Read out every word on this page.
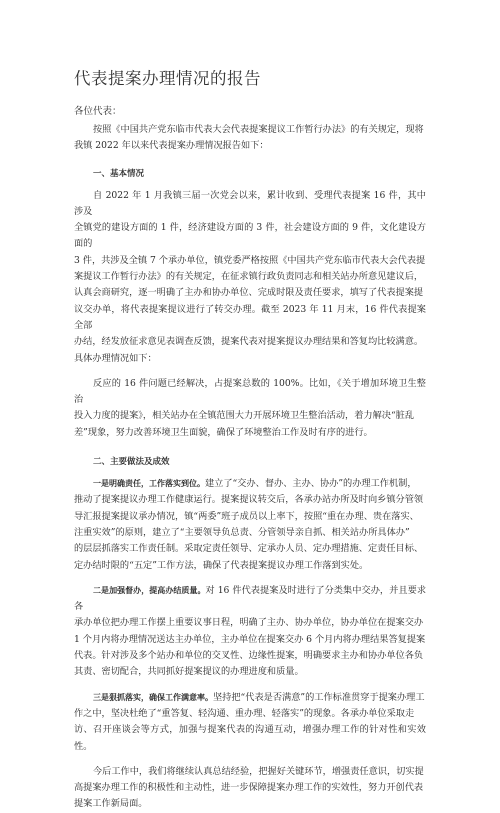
代表提案办理情况的报告
各位代表：

按照《中国共产党东临市代表大会代表提案提议工作暂行办法》的有关规定，现将
我镇 2022 年以来代表提案办理情况报告如下：

一、基本情况

自 2022 年 1 月我镇三届一次党会以来，累计收到、受理代表提案 16 件，其中涉及
全镇党的建设方面的 1 件，经济建设方面的 3 件，社会建设方面的 9 件，文化建设方面的
3 件，共涉及全镇 7 个承办单位，镇党委严格按照《中国共产党东临市代表大会代表提
案提议工作暂行办法》的有关规定，在征求镇行政负责同志和相关站办所意见建议后，
认真会商研究，逐一明确了主办和协办单位、完成时限及责任要求，填写了代表提案提
议交办单，将代表提案提议进行了转交办理。截至 2023 年 11 月末，16 件代表提案全部
办结，经发放征求意见表调查反馈，提案代表对提案提议办理结果和答复均比较满意。
具体办理情况如下：

反应的 16 件问题已经解决，占提案总数的 100%。比如，《关于增加环境卫生整治
投入力度的提案》，相关站办在全镇范围大力开展环境卫生整治活动，着力解决“脏乱
差”现象，努力改善环境卫生面貌，确保了环境整治工作及时有序的进行。

二、主要做法及成效

一是明确责任，工作落实到位。建立了“交办、督办、主办、协办”的办理工作机制，
推动了提案提议办理工作健康运行。提案提议转交后，各承办站办所及时向乡镇分管领
导汇报提案提议承办情况，镇“两委”班子成员以上率下，按照“重在办理、贵在落实、
注重实效”的原则，建立了“主要领导负总责、分管领导亲自抓、相关站办所具体办”
的层层抓落实工作责任制。采取定责任领导、定承办人员、定办理措施、定责任目标、
定办结时限的“五定”工作方法，确保了代表提案提议办理工作落到实处。

二是加强督办，提高办结质量。对 16 件代表提案及时进行了分类集中交办，并且要求各
承办单位把办理工作摆上重要议事日程，明确了主办、协办单位，协办单位在提案交办
1 个月内将办理情况送达主办单位，主办单位在提案交办 6 个月内将办理结果答复提案
代表。针对涉及多个站办和单位的交叉性、边缘性提案，明确要求主办和协办单位各负
其责、密切配合，共同抓好提案提议的办理进度和质量。

三是狠抓落实，确保工作满意率。坚持把“代表是否满意”的工作标准贯穿于提案办理工
作之中，坚决杜绝了“重答复、轻沟通、重办理、轻落实”的现象。各承办单位采取走
访、召开座谈会等方式，加强与提案代表的沟通互动，增强办理工作的针对性和实效性。

今后工作中，我们将继续认真总结经验，把握好关键环节，增强责任意识，切实提
高提案办理工作的积极性和主动性，进一步保障提案办理工作的实效性，努力开创代表
提案工作新局面。
